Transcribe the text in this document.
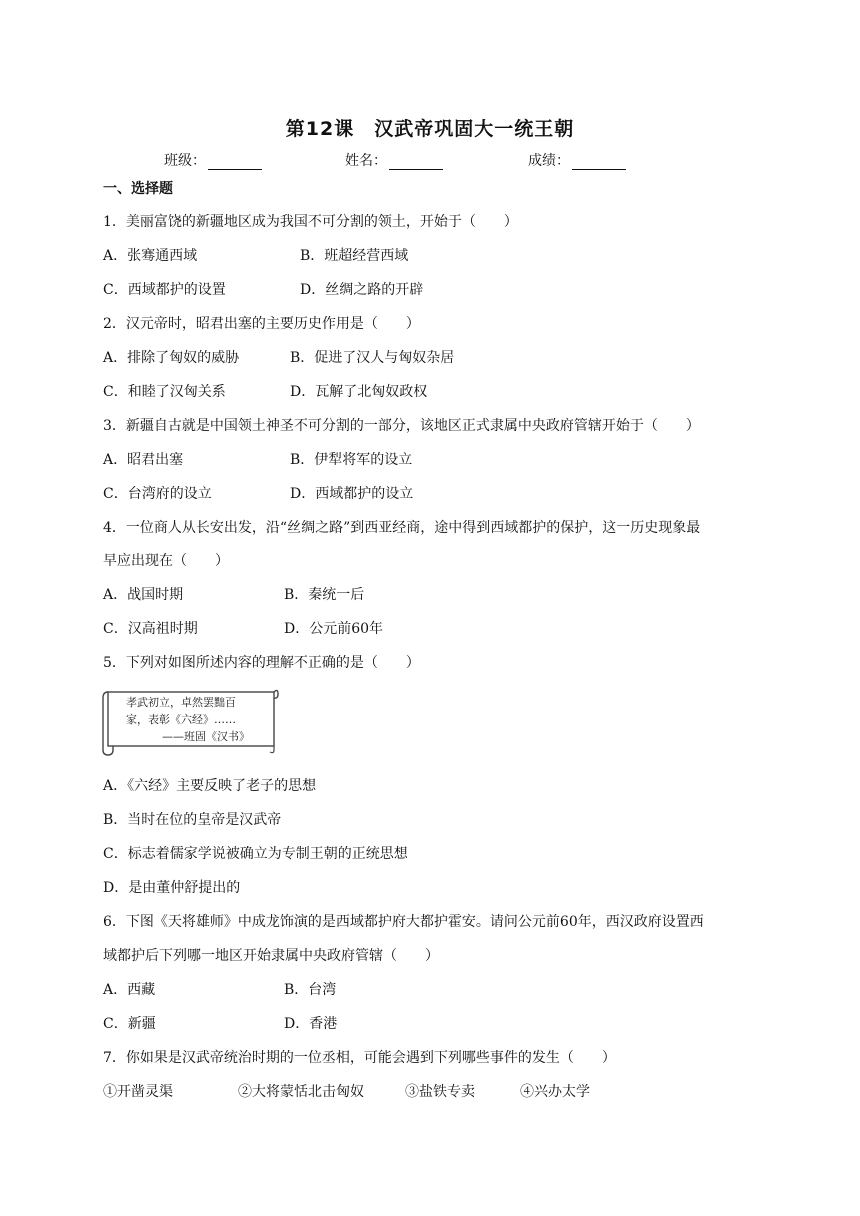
第12课　汉武帝巩固大一统王朝
班级：	姓名：	成绩：
一、选择题
1．美丽富饶的新疆地区成为我国不可分割的领土，开始于（　　）
A．张骞通西域	B．班超经营西域
C．西域都护的设置	D．丝绸之路的开辟
2．汉元帝时，昭君出塞的主要历史作用是（　　）
A．排除了匈奴的威胁	B．促进了汉人与匈奴杂居
C．和睦了汉匈关系	D．瓦解了北匈奴政权
3．新疆自古就是中国领土神圣不可分割的一部分，该地区正式隶属中央政府管辖开始于（　　）
A．昭君出塞	B．伊犁将军的设立
C．台湾府的设立	D．西域都护的设立
4．一位商人从长安出发，沿“丝绸之路”到西亚经商，途中得到西域都护的保护，这一历史现象最
早应出现在（　　）
A．战国时期	B．秦统一后
C．汉高祖时期	D．公元前60年
5．下列对如图所述内容的理解不正确的是（　　）
孝武初立，卓然罢黜百
家，表彰《六经》……
——班固《汉书》
A．《六经》主要反映了老子的思想
B．当时在位的皇帝是汉武帝
C．标志着儒家学说被确立为专制王朝的正统思想
D．是由董仲舒提出的
6．下图《天将雄师》中成龙饰演的是西域都护府大都护霍安。请问公元前60年，西汉政府设置西
域都护后下列哪一地区开始隶属中央政府管辖（　　）
A．西藏	B．台湾
C．新疆	D．香港
7．你如果是汉武帝统治时期的一位丞相，可能会遇到下列哪些事件的发生（　　）
①开凿灵渠	②大将蒙恬北击匈奴	③盐铁专卖	④兴办太学
